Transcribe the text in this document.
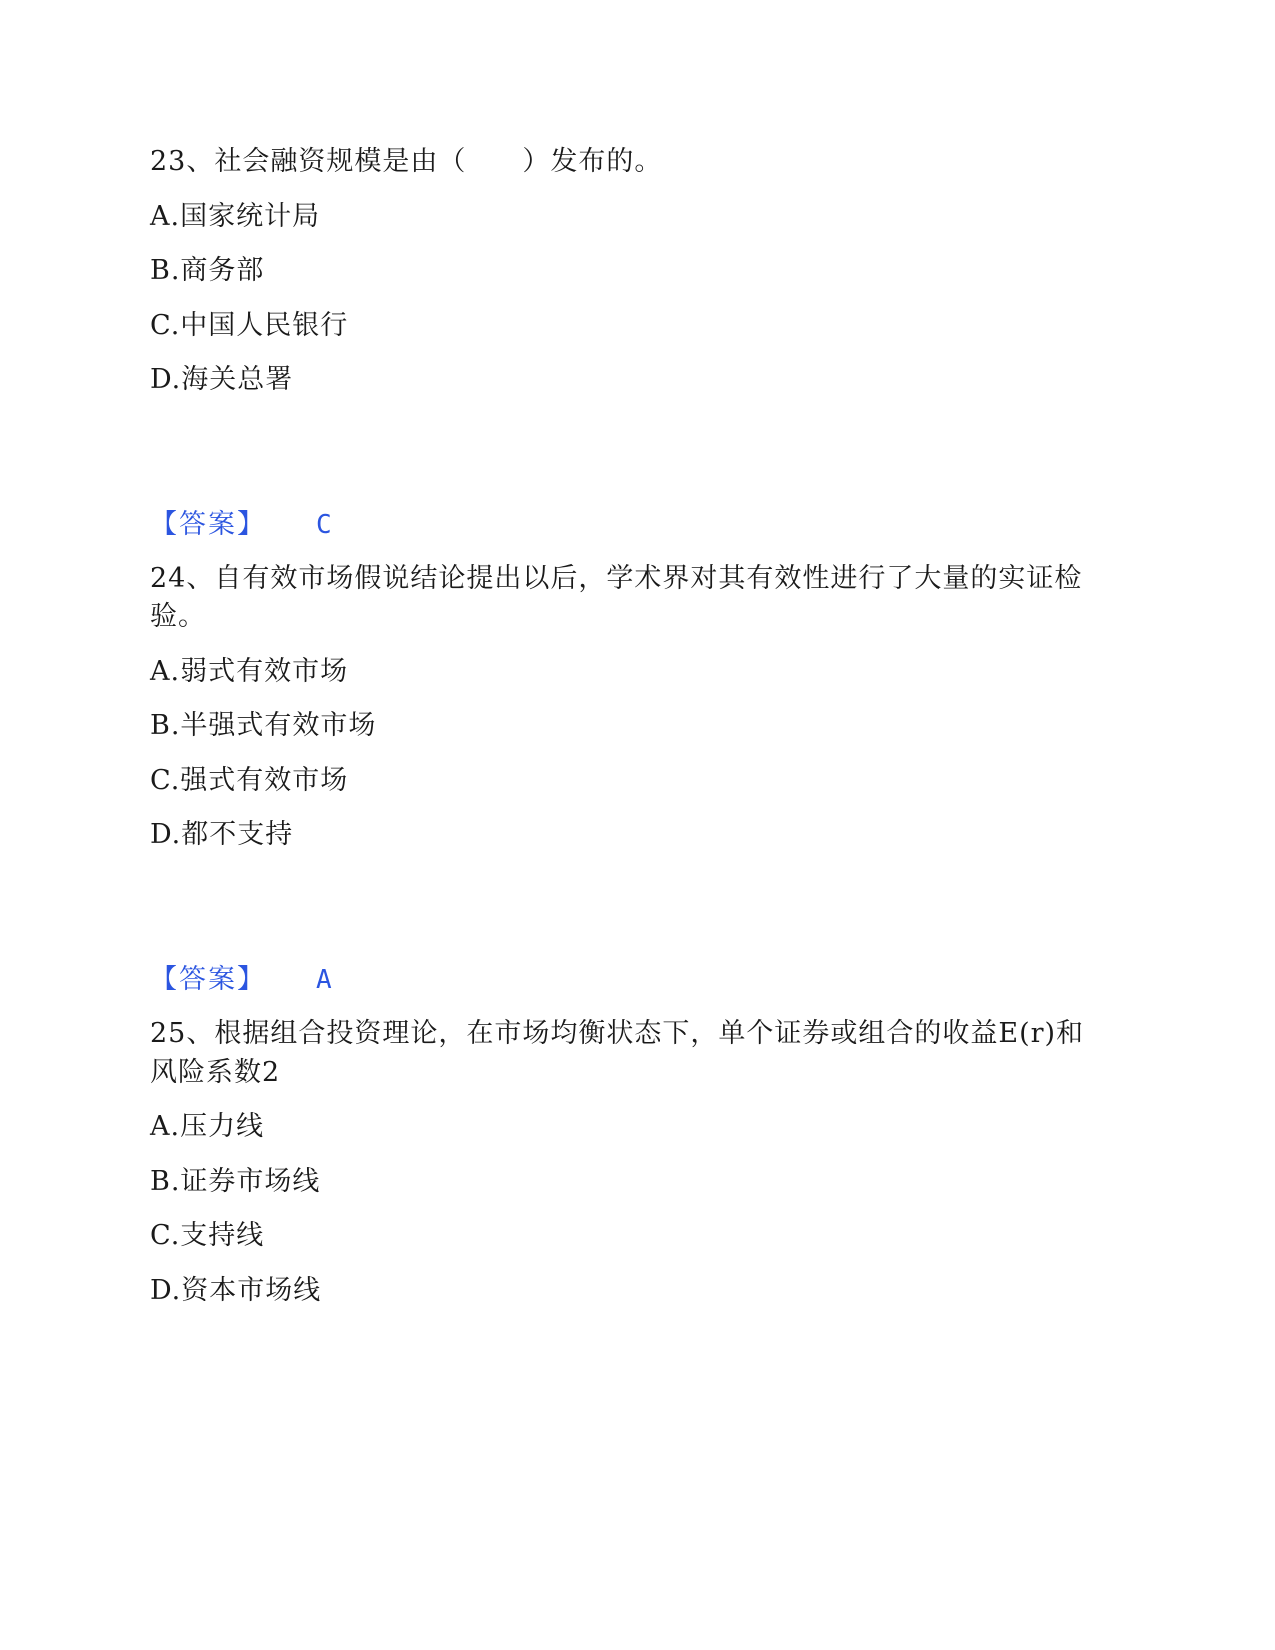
23、社会融资规模是由（　　）发布的。

A.国家统计局

B.商务部

C.中国人民银行

D.海关总署

【答案】 C

24、自有效市场假说结论提出以后，学术界对其有效性进行了大量的实证检

验。

A.弱式有效市场

B.半强式有效市场

C.强式有效市场

D.都不支持

【答案】 A

25、根据组合投资理论，在市场均衡状态下，单个证券或组合的收益E(r)和

风险系数2

A.压力线

B.证券市场线

C.支持线

D.资本市场线
